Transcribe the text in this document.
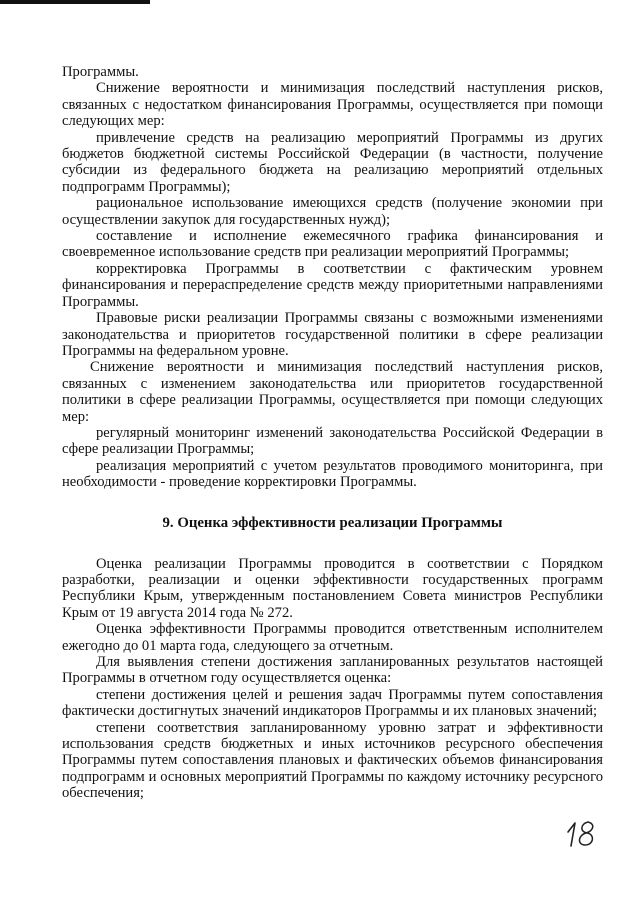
Программы.

Снижение вероятности и минимизация последствий наступления рисков, связанных с недостатком финансирования Программы, осуществляется при помощи следующих мер:

привлечение средств на реализацию мероприятий Программы из других бюджетов бюджетной системы Российской Федерации (в частности, получение субсидии из федерального бюджета на реализацию мероприятий отдельных подпрограмм Программы);

рациональное использование имеющихся средств (получение экономии при осуществлении закупок для государственных нужд);

составление и исполнение ежемесячного графика финансирования и своевременное использование средств при реализации мероприятий Программы;

корректировка Программы в соответствии с фактическим уровнем финансирования и перераспределение средств между приоритетными направлениями Программы.

Правовые риски реализации Программы связаны с возможными изменениями законодательства и приоритетов государственной политики в сфере реализации Программы на федеральном уровне.

Снижение вероятности и минимизация последствий наступления рисков, связанных с изменением законодательства или приоритетов государственной политики в сфере реализации Программы, осуществляется при помощи следующих мер:

регулярный мониторинг изменений законодательства Российской Федерации в сфере реализации Программы;

реализация мероприятий с учетом результатов проводимого мониторинга, при необходимости - проведение корректировки Программы.

9. Оценка эффективности реализации Программы

Оценка реализации Программы проводится в соответствии с Порядком разработки, реализации и оценки эффективности государственных программ Республики Крым, утвержденным постановлением Совета министров Республики Крым от 19 августа 2014 года № 272.

Оценка эффективности Программы проводится ответственным исполнителем ежегодно до 01 марта года, следующего за отчетным.

Для выявления степени достижения запланированных результатов настоящей Программы в отчетном году осуществляется оценка:

степени достижения целей и решения задач Программы путем сопоставления фактически достигнутых значений индикаторов Программы и их плановых значений;

степени соответствия запланированному уровню затрат и эффективности использования средств бюджетных и иных источников ресурсного обеспечения Программы путем сопоставления плановых и фактических объемов финансирования подпрограмм и основных мероприятий Программы по каждому источнику ресурсного обеспечения;

18
